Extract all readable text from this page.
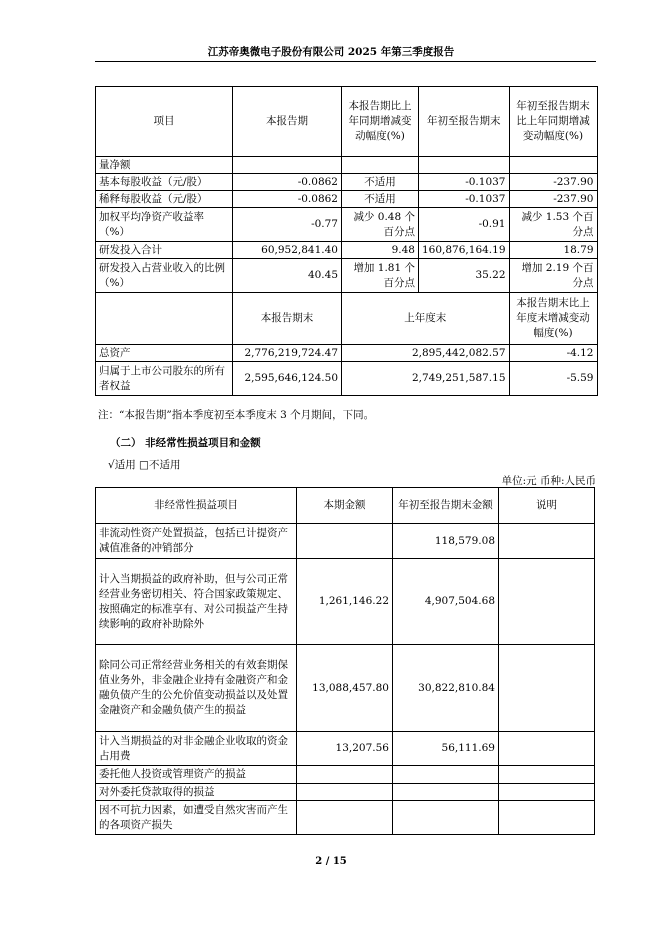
江苏帝奥微电子股份有限公司 2025 年第三季度报告
项目	本报告期	本报告期比上年同期增减变动幅度(%)	年初至报告期末	年初至报告期末比上年同期增减变动幅度(%)
量净额				
基本每股收益（元/股）	-0.0862	不适用	-0.1037	-237.90
稀释每股收益（元/股）	-0.0862	不适用	-0.1037	-237.90
加权平均净资产收益率（%）	-0.77	减少 0.48 个百分点	-0.91	减少 1.53 个百分点
研发投入合计	60,952,841.40	9.48	160,876,164.19	18.79
研发投入占营业收入的比例（%）	40.45	增加 1.81 个百分点	35.22	增加 2.19 个百分点
	本报告期末	上年度末		本报告期末比上年度末增减变动幅度(%)
总资产	2,776,219,724.47	2,895,442,082.57		-4.12
归属于上市公司股东的所有者权益	2,595,646,124.50	2,749,251,587.15		-5.59
注：“本报告期”指本季度初至本季度末 3 个月期间，下同。
（二） 非经常性损益项目和金额
√适用 □不适用
单位:元 币种:人民币
非经常性损益项目	本期金额	年初至报告期末金额	说明
非流动性资产处置损益，包括已计提资产减值准备的冲销部分		118,579.08	
计入当期损益的政府补助，但与公司正常经营业务密切相关、符合国家政策规定、按照确定的标准享有、对公司损益产生持续影响的政府补助除外	1,261,146.22	4,907,504.68	
除同公司正常经营业务相关的有效套期保值业务外，非金融企业持有金融资产和金融负债产生的公允价值变动损益以及处置金融资产和金融负债产生的损益	13,088,457.80	30,822,810.84	
计入当期损益的对非金融企业收取的资金占用费	13,207.56	56,111.69	
委托他人投资或管理资产的损益			
对外委托贷款取得的损益			
因不可抗力因素，如遭受自然灾害而产生的各项资产损失			
2 / 15
